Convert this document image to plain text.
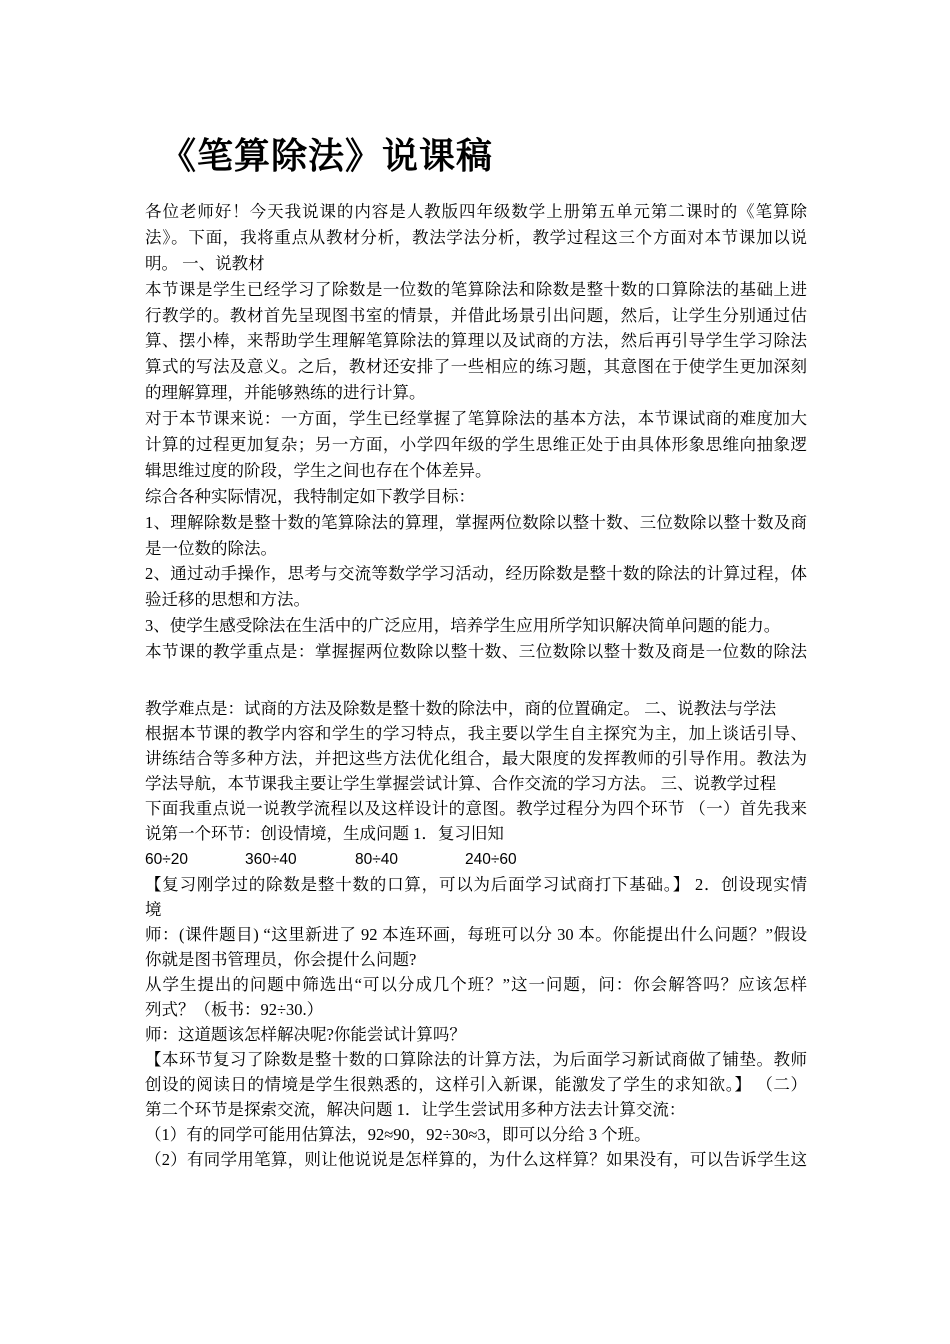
《笔算除法》说课稿
各位老师好！今天我说课的内容是人教版四年级数学上册第五单元第二课时的《笔算除
法》。下面，我将重点从教材分析，教法学法分析，教学过程这三个方面对本节课加以说
明。 一、说教材
本节课是学生已经学习了除数是一位数的笔算除法和除数是整十数的口算除法的基础上进
行教学的。教材首先呈现图书室的情景，并借此场景引出问题，然后，让学生分别通过估
算、摆小棒，来帮助学生理解笔算除法的算理以及试商的方法，然后再引导学生学习除法
算式的写法及意义。之后，教材还安排了一些相应的练习题，其意图在于使学生更加深刻
的理解算理，并能够熟练的进行计算。
对于本节课来说：一方面，学生已经掌握了笔算除法的基本方法，本节课试商的难度加大
计算的过程更加复杂；另一方面，小学四年级的学生思维正处于由具体形象思维向抽象逻
辑思维过度的阶段，学生之间也存在个体差异。
综合各种实际情况，我特制定如下教学目标：
1、理解除数是整十数的笔算除法的算理，掌握两位数除以整十数、三位数除以整十数及商
是一位数的除法。
2、通过动手操作，思考与交流等数学学习活动，经历除数是整十数的除法的计算过程，体
验迁移的思想和方法。
3、使学生感受除法在生活中的广泛应用，培养学生应用所学知识解决简单问题的能力。
本节课的教学重点是：掌握握两位数除以整十数、三位数除以整十数及商是一位数的除法
教学难点是：试商的方法及除数是整十数的除法中，商的位置确定。 二、说教法与学法
根据本节课的教学内容和学生的学习特点，我主要以学生自主探究为主，加上谈话引导、
讲练结合等多种方法，并把这些方法优化组合，最大限度的发挥教师的引导作用。教法为
学法导航，本节课我主要让学生掌握尝试计算、合作交流的学习方法。 三、说教学过程
下面我重点说一说教学流程以及这样设计的意图。教学过程分为四个环节 （一）首先我来
说第一个环节：创设情境，生成问题 1．复习旧知
60÷20	360÷40	80÷40	240÷60
【复习刚学过的除数是整十数的口算，可以为后面学习试商打下基础。】 2．创设现实情
境
师：(课件题目) “这里新进了 92 本连环画，每班可以分 30 本。你能提出什么问题？”假设
你就是图书管理员，你会提什么问题?
从学生提出的问题中筛选出“可以分成几个班？”这一问题，问：你会解答吗？应该怎样
列式？（板书：92÷30.）
师：这道题该怎样解决呢?你能尝试计算吗？
【本环节复习了除数是整十数的口算除法的计算方法，为后面学习新试商做了铺垫。教师
创设的阅读日的情境是学生很熟悉的，这样引入新课，能激发了学生的求知欲。】 （二）
第二个环节是探索交流，解决问题 1．让学生尝试用多种方法去计算交流：
（1）有的同学可能用估算法，92≈90，92÷30≈3，即可以分给 3 个班。
（2）有同学用笔算，则让他说说是怎样算的，为什么这样算？如果没有，可以告诉学生这
